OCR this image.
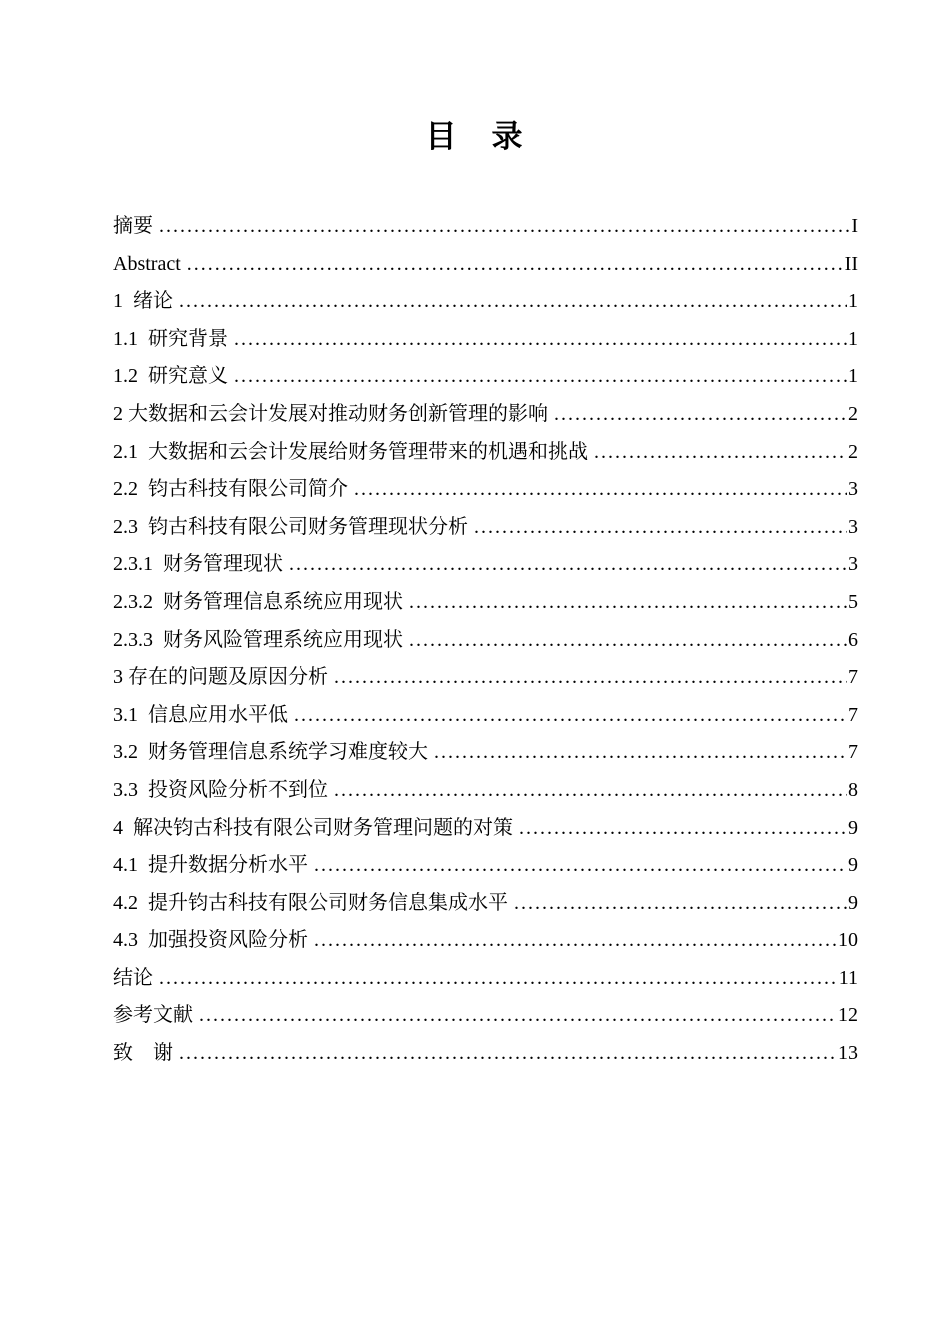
目　录
摘要 .....	I
Abstract .....	II
1  绪论 .....	1
1.1  研究背景 .....	1
1.2  研究意义 .....	1
2 大数据和云会计发展对推动财务创新管理的影响 .....	2
2.1  大数据和云会计发展给财务管理带来的机遇和挑战 .....	2
2.2  钧古科技有限公司简介 .....	3
2.3  钧古科技有限公司财务管理现状分析 .....	3
2.3.1  财务管理现状 .....	3
2.3.2  财务管理信息系统应用现状 .....	5
2.3.3  财务风险管理系统应用现状 .....	6
3 存在的问题及原因分析 .....	7
3.1  信息应用水平低 .....	7
3.2  财务管理信息系统学习难度较大 .....	7
3.3  投资风险分析不到位 .....	8
4  解决钧古科技有限公司财务管理问题的对策 .....	9
4.1  提升数据分析水平 .....	9
4.2  提升钧古科技有限公司财务信息集成水平 .....	9
4.3  加强投资风险分析 .....	10
结论 .....	11
参考文献 .....	12
致　谢 .....	13
